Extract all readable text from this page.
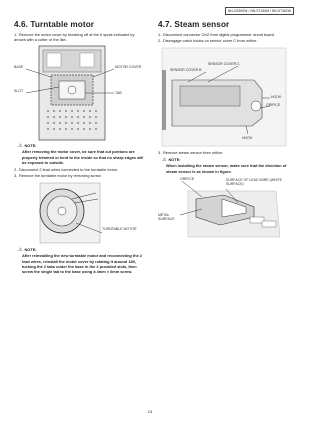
NN-GS592W / NN-ST462M / NN-ST462W
4.6. Turntable motor
1. Remove the motor cover by breaking off at the 6 spots indicated by arrows with a cutter or the like.
BASE
SLOT
MOTOR COVER
TAB
⚠ NOTE:
After removing the motor cover, be sure that cut portions are properly trimmed or bent to the inside so that no sharp edges will be exposed to outside.
2. Disconnect 2 lead wires connected to the turntable motor.
3. Remove the turntable motor by removing screw.
TURNTABLE MOTOR
⚠ NOTE:
After reinstalling the new turntable motor and reconnecting the 2 lead wires, reinstall the motor cover by rotating it around 180, tucking the 2 tabs under the base in the 2 provided slots, then screw the single tab to the base using a 4mm × 6mm screw.
4.7. Steam sensor
1. Disconnect connector CN2 from digital programmer circuit board.
2. Disengage catch hooks on sensor cover C from orifice.
SENSOR COVER C
SENSOR COVER B
HOOK
ORIFICE
HOOK
3. Remove steam sensor from orifice.
⚠ NOTE:
When installing the steam sensor, make sure that the direction of steam sensor is as shown in figure.
ORIFICE	SURFACE OF LEAD WIRE (WHITE SURFACE)
METAL SURFACE
13
